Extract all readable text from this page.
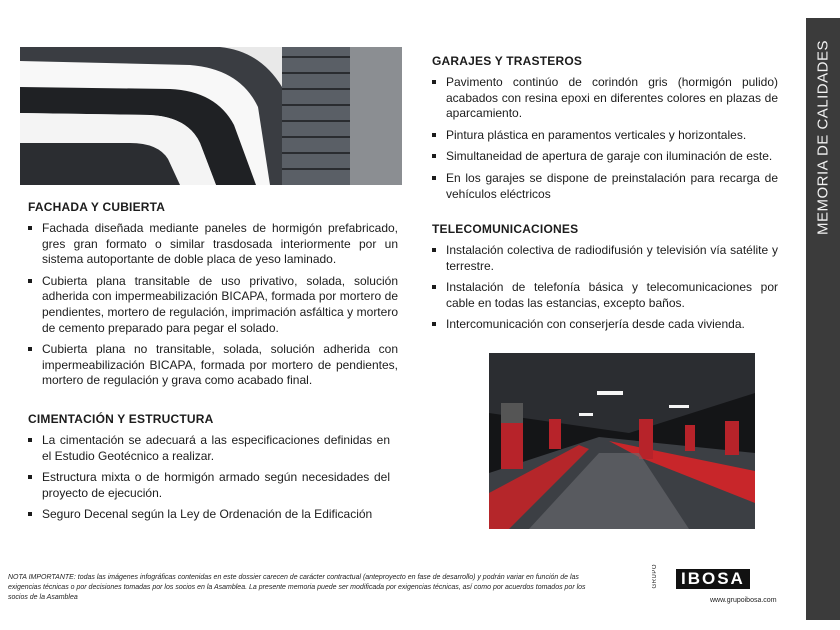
MEMORIA DE CALIDADES
FACHADA Y CUBIERTA
Fachada diseñada mediante paneles de hormigón prefabricado, gres gran formato o similar trasdosada interiormente por un sistema autoportante de doble placa de yeso laminado.
Cubierta plana transitable de uso privativo, solada, solución adherida con impermeabilización BICAPA, formada por mortero de pendientes, mortero de regulación, imprimación asfáltica y mortero de cemento preparado para pegar el solado.
Cubierta plana no transitable, solada, solución adherida con impermeabilización BICAPA, formada por mortero de pendientes, mortero de regulación y grava como acabado final.
CIMENTACIÓN Y ESTRUCTURA
La cimentación se adecuará a las especificaciones definidas en el Estudio Geotécnico a realizar.
Estructura mixta o de hormigón armado según necesidades del proyecto de ejecución.
Seguro Decenal según la Ley de Ordenación de la Edificación
GARAJES Y TRASTEROS
Pavimento continúo de corindón gris (hormigón pulido) acabados con resina epoxi en diferentes colores en plazas de aparcamiento.
Pintura plástica en paramentos verticales y horizontales.
Simultaneidad de apertura de garaje con iluminación de este.
En los garajes se dispone de preinstalación para recarga de vehículos eléctricos
TELECOMUNICACIONES
Instalación colectiva de radiodifusión y televisión vía satélite y terrestre.
Instalación de telefonía básica y telecomunicaciones por cable en todas las estancias, excepto baños.
Intercomunicación con conserjería desde cada vivienda.
NOTA IMPORTANTE: todas las imágenes infográficas contenidas en este dossier carecen de carácter contractual (anteproyecto en fase de desarrollo) y podrán variar en función de las exigencias técnicas o por decisiones tomadas por los socios en la Asamblea. La presente memoria puede ser modificada por exigencias técnicas, así como por acuerdos tomados por los socios de la Asamblea
GRUPO IBOSA
www.grupoibosa.com
